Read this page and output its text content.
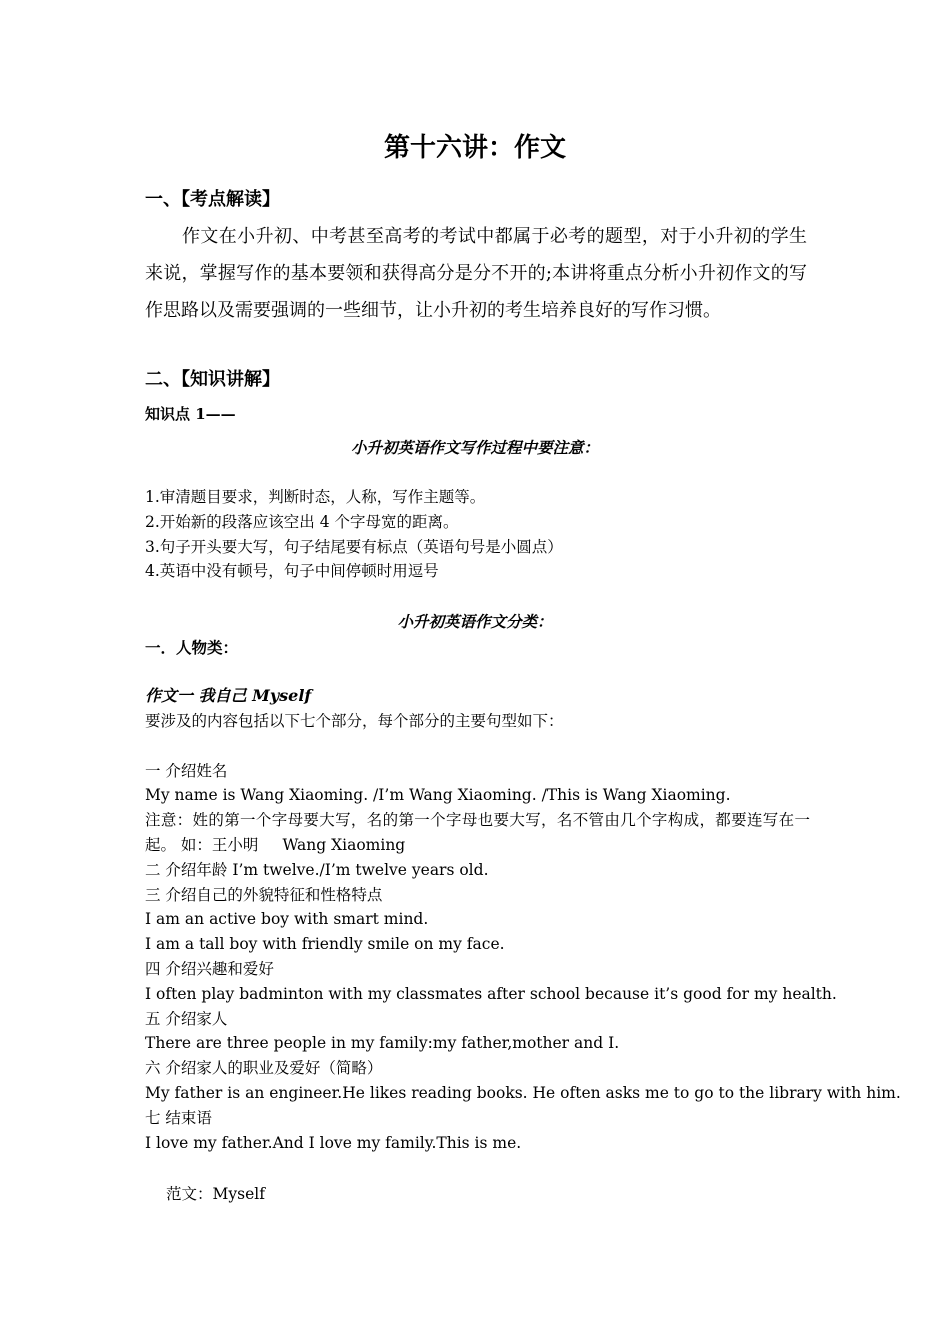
第十六讲：作文
一、【考点解读】
作文在小升初、中考甚至高考的考试中都属于必考的题型，对于小升初的学生来说，掌握写作的基本要领和获得高分是分不开的;本讲将重点分析小升初作文的写作思路以及需要强调的一些细节，让小升初的考生培养良好的写作习惯。
二、【知识讲解】
知识点 1——
小升初英语作文写作过程中要注意：
1.审清题目要求，判断时态，人称，写作主题等。
2.开始新的段落应该空出 4 个字母宽的距离。
3.句子开头要大写，句子结尾要有标点（英语句号是小圆点）
4.英语中没有顿号，句子中间停顿时用逗号
小升初英语作文分类：
一．人物类：
作文一 我自己 Myself
要涉及的内容包括以下七个部分，每个部分的主要句型如下：
一 介绍姓名
My name is Wang Xiaoming. /I’m Wang Xiaoming. /This is Wang Xiaoming.
注意：姓的第一个字母要大写，名的第一个字母也要大写，名不管由几个字构成，都要连写在一起。 如：王小明 Wang Xiaoming
二 介绍年龄 I’m twelve./I’m twelve years old.
三 介绍自己的外貌特征和性格特点
I am an active boy with smart mind.
I am a tall boy with friendly smile on my face.
四 介绍兴趣和爱好
I often play badminton with my classmates after school because it’s good for my health.
五 介绍家人
There are three people in my family:my father,mother and I.
六 介绍家人的职业及爱好（简略）
My father is an engineer.He likes reading books. He often asks me to go to the library with him.
七 结束语
I love my father.And I love my family.This is me.
范文：Myself
